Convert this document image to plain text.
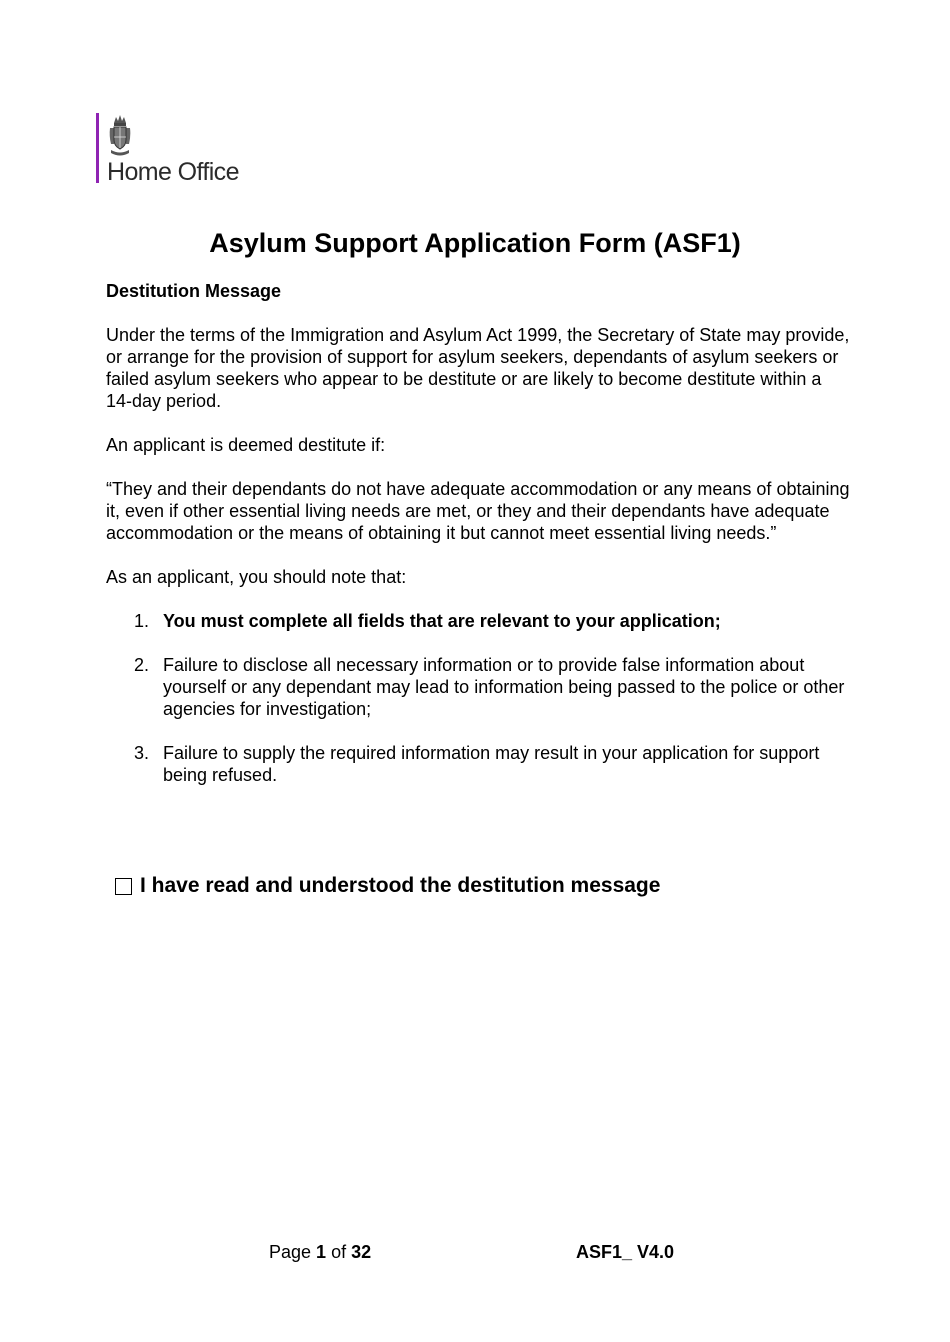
Home Office
Asylum Support Application Form (ASF1)

Destitution Message

Under the terms of the Immigration and Asylum Act 1999, the Secretary of State may provide, or arrange for the provision of support for asylum seekers, dependants of asylum seekers or failed asylum seekers who appear to be destitute or are likely to become destitute within a 14-day period.

An applicant is deemed destitute if:

“They and their dependants do not have adequate accommodation or any means of obtaining it, even if other essential living needs are met, or they and their dependants have adequate accommodation or the means of obtaining it but cannot meet essential living needs.”

As an applicant, you should note that:

1. You must complete all fields that are relevant to your application;
2. Failure to disclose all necessary information or to provide false information about yourself or any dependant may lead to information being passed to the police or other agencies for investigation;
3. Failure to supply the required information may result in your application for support being refused.
I have read and understood the destitution message
Page 1 of 32	ASF1_ V4.0
